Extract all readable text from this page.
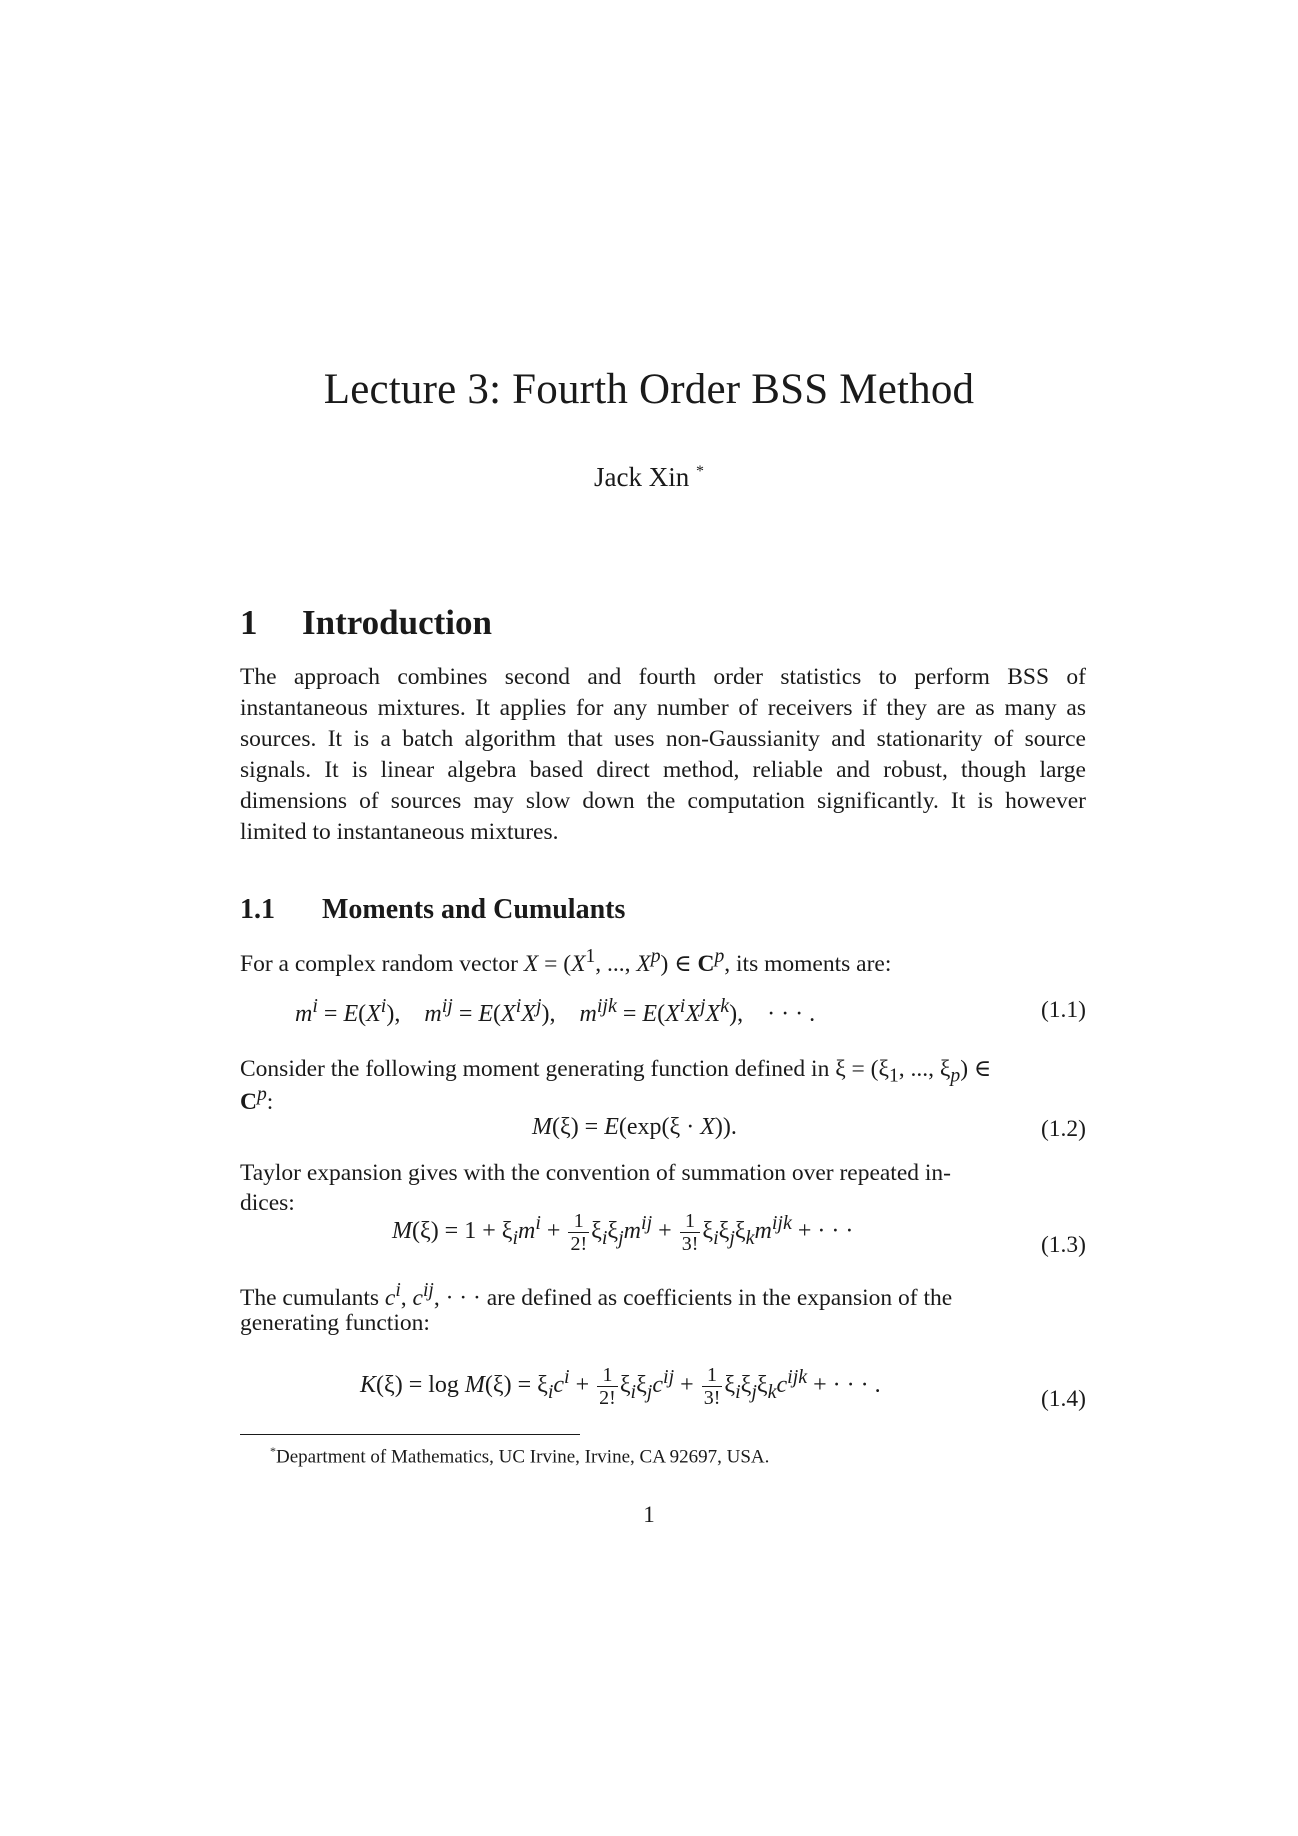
Lecture 3: Fourth Order BSS Method
Jack Xin *
1 Introduction
The approach combines second and fourth order statistics to perform BSS of instantaneous mixtures. It applies for any number of receivers if they are as many as sources. It is a batch algorithm that uses non-Gaussianity and stationarity of source signals. It is linear algebra based direct method, reliable and robust, though large dimensions of sources may slow down the computation significantly. It is however limited to instantaneous mixtures.
1.1 Moments and Cumulants
For a complex random vector $X = (X^1$, ..., $X^p$) ∈ $C^p$, its moments are:
$m^i = E(X^i)$,    $m^{ij} = E(X^iX^j)$,    $m^{ijk} = E(X^iX^jX^k)$,    · · · .	(1.1)
Consider the following moment generating function defined in $\xi = (\xi_1$, ..., $\xi_p$) ∈
$C^p$:
M(ξ) = E(exp(ξ · X)).	(1.2)
Taylor expansion gives with the convention of summation over repeated in-
dices:
$M(\xi) = 1 + \xi_im^i + \frac{1}{2!} \xi_i\xi_jm^{ij} + \frac{1}{3!} \xi_i\xi_j\xi_km^{ijk}$ + · · ·
(1.3)
The cumulants $c^i$, $c^{ij}$, · · · are defined as coefficients in the expansion of the
generating function:
$K(\xi) = \log M(\xi) = \xi_ic^i + \frac{1}{2!} \xi_i\xi_jc^{ij} + \frac{1}{3!} \xi_i\xi_j\xi_kc^{ijk}$ + · · · .
(1.4)
*Department of Mathematics, UC Irvine, Irvine, CA 92697, USA.
1
